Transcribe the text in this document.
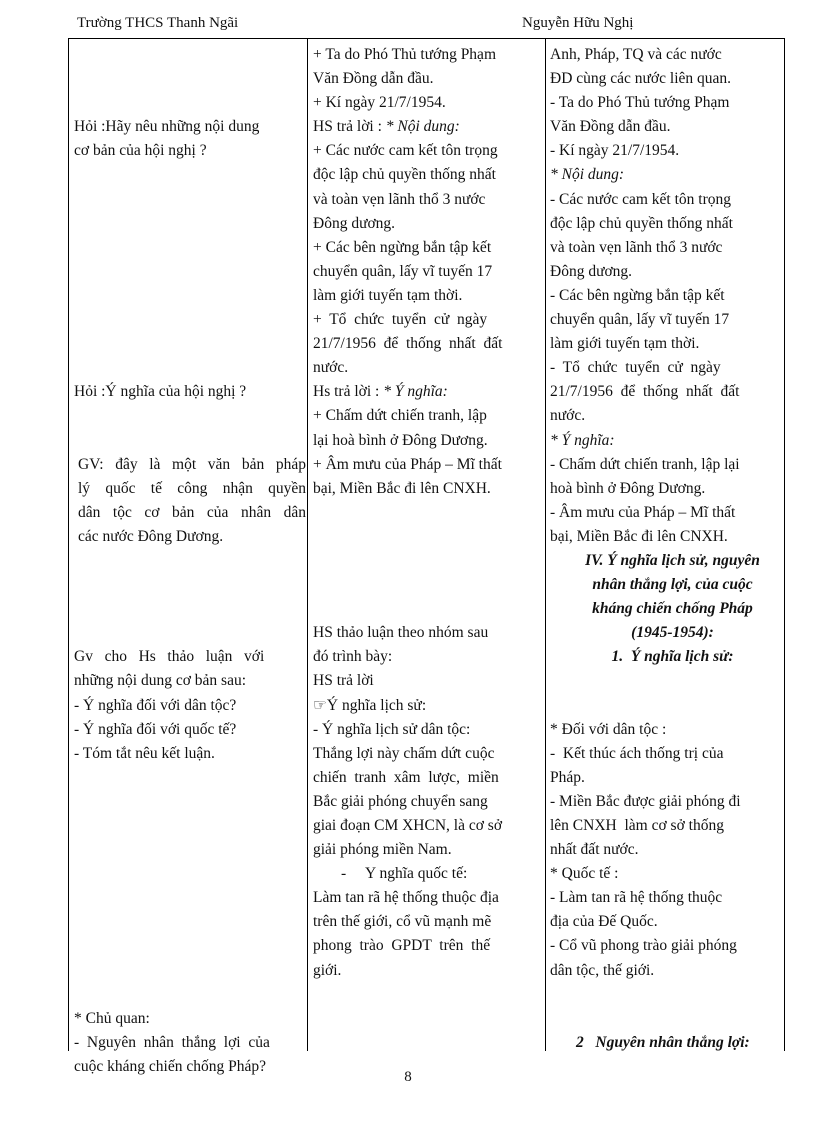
Trường THCS Thanh Ngãi	Nguyễn Hữu Nghị

Hỏi :Hãy nêu những nội dung

cơ bản của hội nghị ?

Hỏi :Ý nghĩa của hội nghị ?

GV: đây là một văn bản pháp

lý quốc tế công nhận quyền

dân tộc cơ bản của nhân dân

các nước Đông Dương.

Gv   cho   Hs   thảo   luận   với

những nội dung cơ bản sau:

- Ý nghĩa đối với dân tộc?

- Ý nghĩa đối với quốc tế?

- Tóm tắt nêu kết luận.

* Chủ quan:

-  Nguyên  nhân  thắng  lợi  của

cuộc kháng chiến chống Pháp?

+ Ta do Phó Thủ tướng Phạm

Văn Đồng dẫn đầu.

+ Kí ngày 21/7/1954.

HS trả lời : * Nội dung:

+ Các nước cam kết tôn trọng

độc lập chủ quyền thống nhất

và toàn vẹn lãnh thổ 3 nước

Đông dương.

+ Các bên ngừng bắn tập kết

chuyển quân, lấy vĩ tuyến 17

làm giới tuyến tạm thời.

+  Tổ  chức  tuyển  cử  ngày

21/7/1956  để  thống  nhất  đất

nước.

Hs trả lời : * Ý nghĩa:

+ Chấm dứt chiến tranh, lập

lại hoà bình ở Đông Dương.

+ Âm mưu của Pháp – Mĩ thất

bại, Miền Bắc đi lên CNXH.

HS thảo luận theo nhóm sau

đó trình bày:

HS trả lời

☞Ý nghĩa lịch sử:

- Ý nghĩa lịch sử dân tộc:

Thắng lợi này chấm dứt cuộc

chiến  tranh  xâm  lược,  miền

Bắc giải phóng chuyển sang

giai đoạn CM XHCN, là cơ sở

giải phóng miền Nam.

-     Y nghĩa quốc tế:

Làm tan rã hệ thống thuộc địa

trên thế giới, cổ vũ mạnh mẽ

phong  trào  GPDT  trên  thế

giới.

Anh, Pháp, TQ và các nước

ĐD cùng các nước liên quan.

- Ta do Phó Thủ tướng Phạm

Văn Đồng dẫn đầu.

- Kí ngày 21/7/1954.

* Nội dung:

- Các nước cam kết tôn trọng

độc lập chủ quyền thống nhất

và toàn vẹn lãnh thổ 3 nước

Đông dương.

- Các bên ngừng bắn tập kết

chuyển quân, lấy vĩ tuyến 17

làm giới tuyến tạm thời.

-  Tổ  chức  tuyển  cử  ngày

21/7/1956  để  thống  nhất  đất

nước.

* Ý nghĩa:

- Chấm dứt chiến tranh, lập lại

hoà bình ở Đông Dương.

- Âm mưu của Pháp – Mĩ thất

bại, Miền Bắc đi lên CNXH.

IV. Ý nghĩa lịch sử, nguyên

nhân thắng lợi, của cuộc

kháng chiến chống Pháp

(1945-1954):

1.  Ý nghĩa lịch sử:

* Đối với dân tộc :

-  Kết thúc ách thống trị của

Pháp.

- Miền Bắc được giải phóng đi

lên CNXH  làm cơ sở thống

nhất đất nước.

* Quốc tế :

- Làm tan rã hệ thống thuộc

địa của Đế Quốc.

- Cổ vũ phong trào giải phóng

dân tộc, thế giới.

2   Nguyên nhân thắng lợi:

8
